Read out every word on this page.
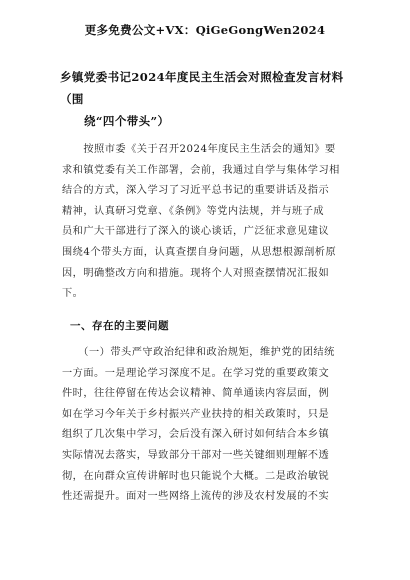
更多免费公文+VX：QiGeGongWen2024
乡镇党委书记2024年度民主生活会对照检查发言材料（围
绕“四个带头”）
　　按照市委《关于召开2024年度民主生活会的通知》要
求和镇党委有关工作部署，会前，我通过自学与集体学习相
结合的方式，深入学习了习近平总书记的重要讲话及指示
精神，认真研习党章、《条例》等党内法规，并与班子成
员和广大干部进行了深入的谈心谈话，广泛征求意见建议
围绕4个带头方面，认真查摆自身问题，从思想根源剖析原
因，明确整改方向和措施。现将个人对照查摆情况汇报如
下。
一、存在的主要问题
　　（一）带头严守政治纪律和政治规矩，维护党的团结统
一方面。一是理论学习深度不足。在学习党的重要政策文
件时，往往停留在传达会议精神、简单通读内容层面，例
如在学习今年关于乡村振兴产业扶持的相关政策时，只是
组织了几次集中学习，会后没有深入研讨如何结合本乡镇
实际情况去落实，导致部分干部对一些关键细则理解不透
彻，在向群众宣传讲解时也只能说个大概。二是政治敏锐
性还需提升。面对一些网络上流传的涉及农村发展的不实
